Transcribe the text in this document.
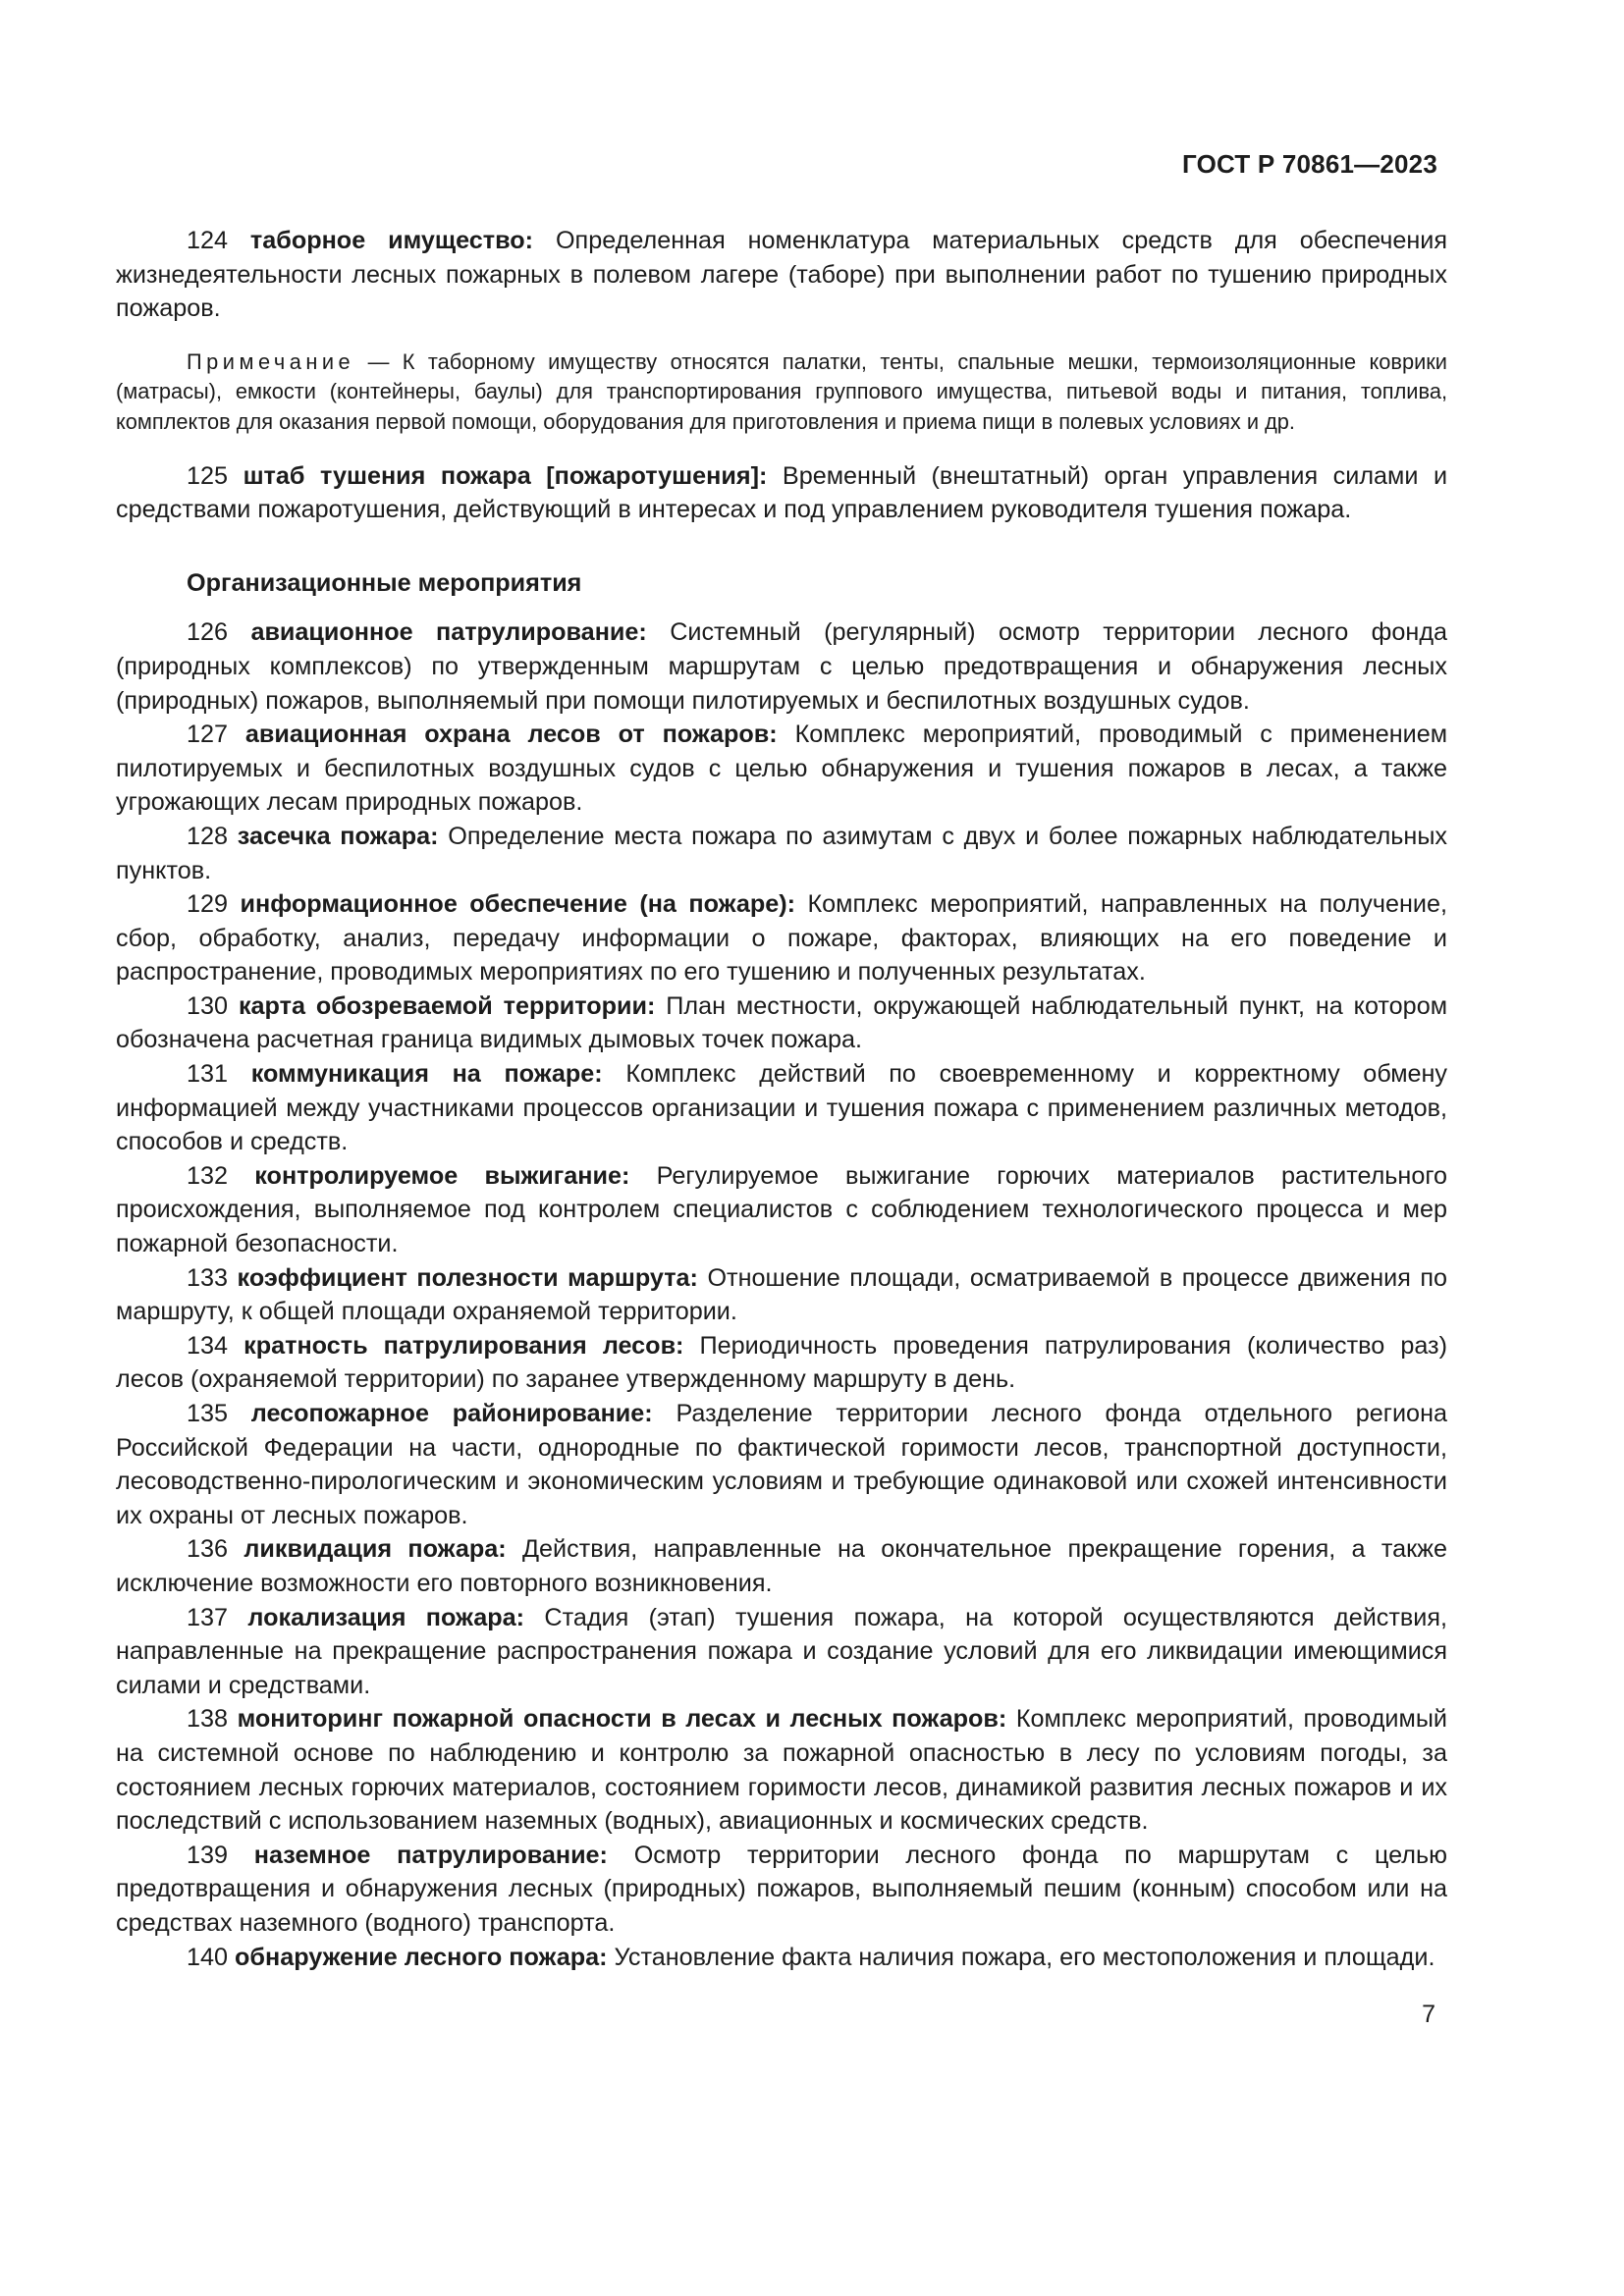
ГОСТ Р 70861—2023

124 таборное имущество: Определенная номенклатура материальных средств для обеспечения жизнедеятельности лесных пожарных в полевом лагере (таборе) при выполнении работ по тушению природных пожаров.

Примечание — К таборному имуществу относятся палатки, тенты, спальные мешки, термоизоляционные коврики (матрасы), емкости (контейнеры, баулы) для транспортирования группового имущества, питьевой воды и питания, топлива, комплектов для оказания первой помощи, оборудования для приготовления и приема пищи в полевых условиях и др.

125 штаб тушения пожара [пожаротушения]: Временный (внештатный) орган управления силами и средствами пожаротушения, действующий в интересах и под управлением руководителя тушения пожара.

Организационные мероприятия

126 авиационное патрулирование: Системный (регулярный) осмотр территории лесного фонда (природных комплексов) по утвержденным маршрутам с целью предотвращения и обнаружения лесных (природных) пожаров, выполняемый при помощи пилотируемых и беспилотных воздушных судов.

127 авиационная охрана лесов от пожаров: Комплекс мероприятий, проводимый с применением пилотируемых и беспилотных воздушных судов с целью обнаружения и тушения пожаров в лесах, а также угрожающих лесам природных пожаров.

128 засечка пожара: Определение места пожара по азимутам с двух и более пожарных наблюдательных пунктов.

129 информационное обеспечение (на пожаре): Комплекс мероприятий, направленных на получение, сбор, обработку, анализ, передачу информации о пожаре, факторах, влияющих на его поведение и распространение, проводимых мероприятиях по его тушению и полученных результатах.

130 карта обозреваемой территории: План местности, окружающей наблюдательный пункт, на котором обозначена расчетная граница видимых дымовых точек пожара.

131 коммуникация на пожаре: Комплекс действий по своевременному и корректному обмену информацией между участниками процессов организации и тушения пожара с применением различных методов, способов и средств.

132 контролируемое выжигание: Регулируемое выжигание горючих материалов растительного происхождения, выполняемое под контролем специалистов с соблюдением технологического процесса и мер пожарной безопасности.

133 коэффициент полезности маршрута: Отношение площади, осматриваемой в процессе движения по маршруту, к общей площади охраняемой территории.

134 кратность патрулирования лесов: Периодичность проведения патрулирования (количество раз) лесов (охраняемой территории) по заранее утвержденному маршруту в день.

135 лесопожарное районирование: Разделение территории лесного фонда отдельного региона Российской Федерации на части, однородные по фактической горимости лесов, транспортной доступности, лесоводственно-пирологическим и экономическим условиям и требующие одинаковой или схожей интенсивности их охраны от лесных пожаров.

136 ликвидация пожара: Действия, направленные на окончательное прекращение горения, а также исключение возможности его повторного возникновения.

137 локализация пожара: Стадия (этап) тушения пожара, на которой осуществляются действия, направленные на прекращение распространения пожара и создание условий для его ликвидации имеющимися силами и средствами.

138 мониторинг пожарной опасности в лесах и лесных пожаров: Комплекс мероприятий, проводимый на системной основе по наблюдению и контролю за пожарной опасностью в лесу по условиям погоды, за состоянием лесных горючих материалов, состоянием горимости лесов, динамикой развития лесных пожаров и их последствий с использованием наземных (водных), авиационных и космических средств.

139 наземное патрулирование: Осмотр территории лесного фонда по маршрутам с целью предотвращения и обнаружения лесных (природных) пожаров, выполняемый пешим (конным) способом или на средствах наземного (водного) транспорта.

140 обнаружение лесного пожара: Установление факта наличия пожара, его местоположения и площади.

7
